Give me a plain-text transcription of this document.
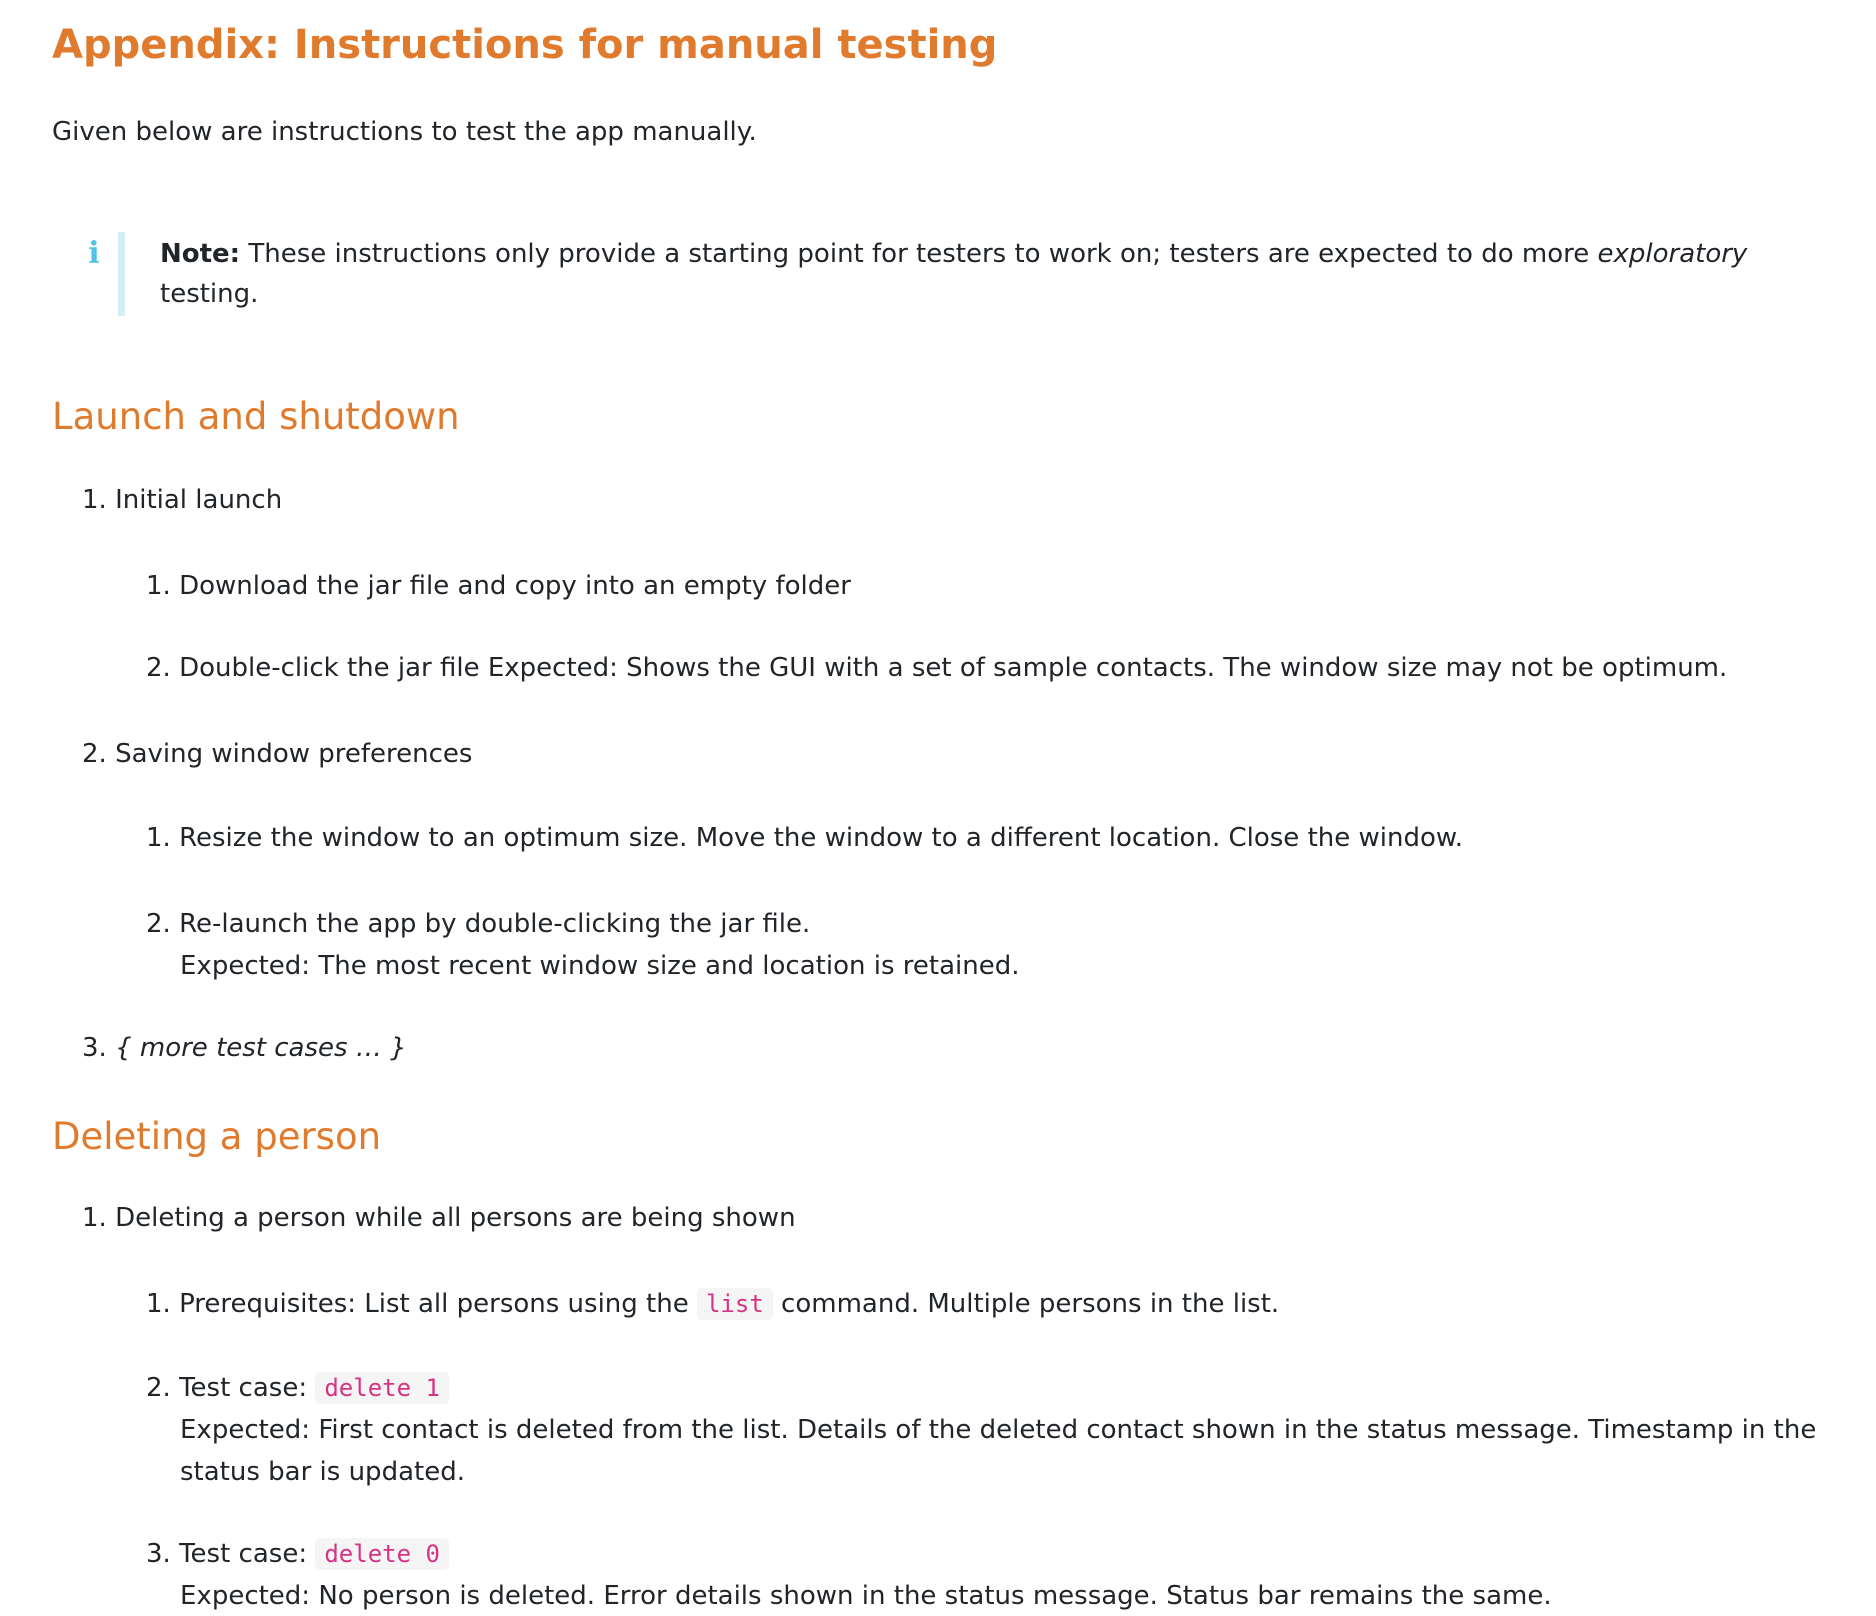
Appendix: Instructions for manual testing
Given below are instructions to test the app manually.
i Note: These instructions only provide a starting point for testers to work on; testers are expected to do more exploratory
testing.
Launch and shutdown
1. Initial launch
1. Download the jar file and copy into an empty folder
2. Double-click the jar file Expected: Shows the GUI with a set of sample contacts. The window size may not be optimum.
2. Saving window preferences
1. Resize the window to an optimum size. Move the window to a different location. Close the window.
2. Re-launch the app by double-clicking the jar file.
Expected: The most recent window size and location is retained.
3. { more test cases … }
Deleting a person
1. Deleting a person while all persons are being shown
1. Prerequisites: List all persons using the list command. Multiple persons in the list.
2. Test case: delete 1
Expected: First contact is deleted from the list. Details of the deleted contact shown in the status message. Timestamp in the
status bar is updated.
3. Test case: delete 0
Expected: No person is deleted. Error details shown in the status message. Status bar remains the same.
